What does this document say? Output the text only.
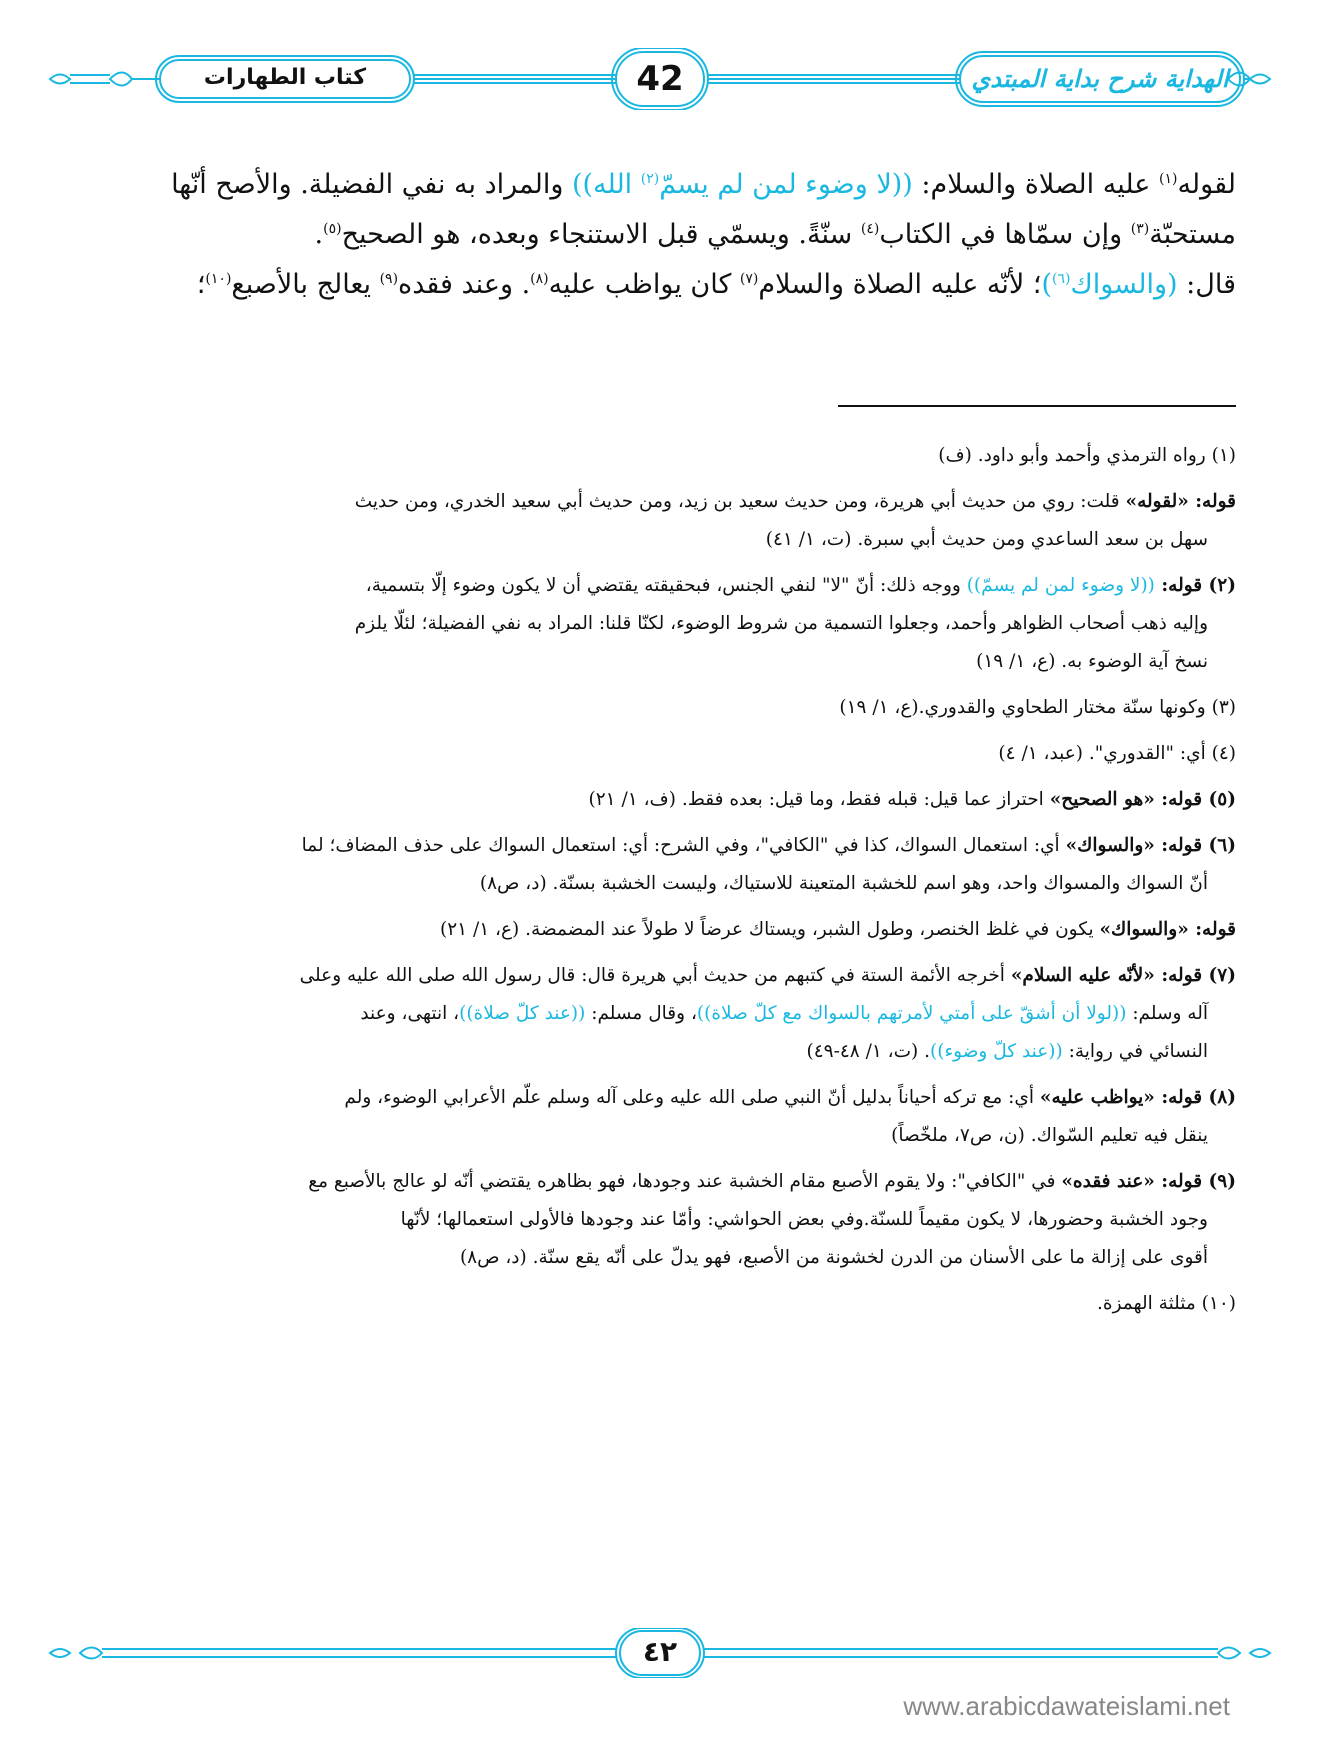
كتاب الطهارات	42	الهداية شرح بداية المبتدي

لقوله$^{(١)}$ عليه الصلاة والسلام: ((لا وضوء لمن لم يسمّ$^{(٢)}$ الله)) والمراد به نفي الفضيلة. والأصح أنّها

مستحبّة$^{(٣)}$ وإن سمّاها في الكتاب$^{(٤)}$ سنّةً. ويسمّي قبل الاستنجاء وبعده، هو الصحيح$^{(٥)}$.

قال: (والسواك$^{(٦)}$)؛ لأنّه عليه الصلاة والسلام$^{(٧)}$ كان يواظب عليه$^{(٨)}$. وعند فقده$^{(٩)}$ يعالج بالأصبع$^{(١٠)}$؛

(١) رواه الترمذي وأحمد وأبو داود. (ف)

قوله: «لقوله» قلت: روي من حديث أبي هريرة، ومن حديث سعيد بن زيد، ومن حديث أبي سعيد الخدري، ومن حديث
سهل بن سعد الساعدي ومن حديث أبي سبرة. (ت، ١/ ٤١)

(٢) قوله: ((لا وضوء لمن لم يسمّ)) ووجه ذلك: أنّ "لا" لنفي الجنس، فبحقيقته يقتضي أن لا يكون وضوء إلّا بتسمية،
وإليه ذهب أصحاب الظواهر وأحمد، وجعلوا التسمية من شروط الوضوء، لكنّا قلنا: المراد به نفي الفضيلة؛ لئلّا يلزم
نسخ آية الوضوء به. (ع، ١/ ١٩)

(٣) وكونها سنّة مختار الطحاوي والقدوري.(ع، ١/ ١٩)

(٤) أي: "القدوري". (عبد، ١/ ٤)

(٥) قوله: «هو الصحيح» احتراز عما قيل: قبله فقط، وما قيل: بعده فقط. (ف، ١/ ٢١)

(٦) قوله: «والسواك» أي: استعمال السواك، كذا في "الكافي"، وفي الشرح: أي: استعمال السواك على حذف المضاف؛ لما
أنّ السواك والمسواك واحد، وهو اسم للخشبة المتعينة للاستياك، وليست الخشبة بسنّة. (د، ص٨)

قوله: «والسواك» يكون في غلظ الخنصر، وطول الشبر، ويستاك عرضاً لا طولاً عند المضمضة. (ع، ١/ ٢١)

(٧) قوله: «لأنّه عليه السلام» أخرجه الأئمة الستة في كتبهم من حديث أبي هريرة قال: قال رسول الله صلى الله عليه وعلى
آله وسلم: ((لولا أن أشقّ على أمتي لأمرتهم بالسواك مع كلّ صلاة))، وقال مسلم: ((عند كلّ صلاة))، انتهى، وعند
النسائي في رواية: ((عند كلّ وضوء)). (ت، ١/ ٤٨-٤٩)

(٨) قوله: «يواظب عليه» أي: مع تركه أحياناً بدليل أنّ النبي صلى الله عليه وعلى آله وسلم علّم الأعرابي الوضوء، ولم
ينقل فيه تعليم السّواك. (ن، ص٧، ملخّصاً)

(٩) قوله: «عند فقده» في "الكافي": ولا يقوم الأصبع مقام الخشبة عند وجودها، فهو بظاهره يقتضي أنّه لو عالج بالأصبع مع
وجود الخشبة وحضورها، لا يكون مقيماً للسنّة.وفي بعض الحواشي: وأمّا عند وجودها فالأولى استعمالها؛ لأنّها
أقوى على إزالة ما على الأسنان من الدرن لخشونة من الأصبع، فهو يدلّ على أنّه يقع سنّة. (د، ص٨)

(١٠) مثلثة الهمزة.

٤٢
www.arabicdawateislami.net
